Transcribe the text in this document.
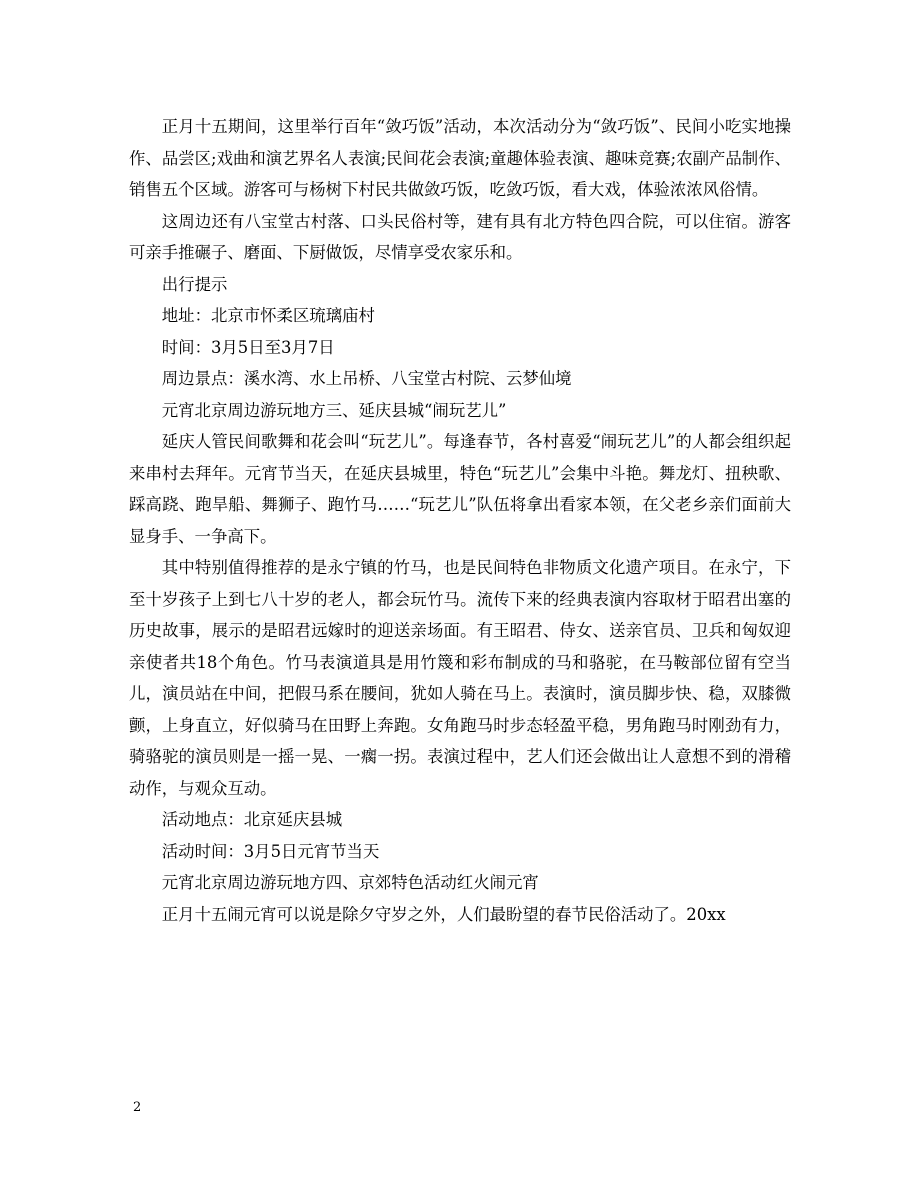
正月十五期间，这里举行百年“敛巧饭”活动，本次活动分为“敛巧饭”、民间小吃实地操作、品尝区;戏曲和演艺界名人表演;民间花会表演;童趣体验表演、趣味竞赛;农副产品制作、销售五个区域。游客可与杨树下村民共做敛巧饭，吃敛巧饭，看大戏，体验浓浓风俗情。

这周边还有八宝堂古村落、口头民俗村等，建有具有北方特色四合院，可以住宿。游客可亲手推碾子、磨面、下厨做饭，尽情享受农家乐和。

出行提示

地址：北京市怀柔区琉璃庙村

时间：3月5日至3月7日

周边景点：溪水湾、水上吊桥、八宝堂古村院、云梦仙境

元宵北京周边游玩地方三、延庆县城“闹玩艺儿”

延庆人管民间歌舞和花会叫“玩艺儿”。每逢春节，各村喜爱“闹玩艺儿”的人都会组织起来串村去拜年。元宵节当天，在延庆县城里，特色“玩艺儿”会集中斗艳。舞龙灯、扭秧歌、踩高跷、跑旱船、舞狮子、跑竹马……“玩艺儿”队伍将拿出看家本领，在父老乡亲们面前大显身手、一争高下。

其中特别值得推荐的是永宁镇的竹马，也是民间特色非物质文化遗产项目。在永宁，下至十岁孩子上到七八十岁的老人，都会玩竹马。流传下来的经典表演内容取材于昭君出塞的历史故事，展示的是昭君远嫁时的迎送亲场面。有王昭君、侍女、送亲官员、卫兵和匈奴迎亲使者共18个角色。竹马表演道具是用竹篾和彩布制成的马和骆驼，在马鞍部位留有空当儿，演员站在中间，把假马系在腰间，犹如人骑在马上。表演时，演员脚步快、稳，双膝微颤，上身直立，好似骑马在田野上奔跑。女角跑马时步态轻盈平稳，男角跑马时刚劲有力，骑骆驼的演员则是一摇一晃、一瘸一拐。表演过程中，艺人们还会做出让人意想不到的滑稽动作，与观众互动。

活动地点：北京延庆县城

活动时间：3月5日元宵节当天

元宵北京周边游玩地方四、京郊特色活动红火闹元宵

正月十五闹元宵可以说是除夕守岁之外，人们最盼望的春节民俗活动了。20xx

2
